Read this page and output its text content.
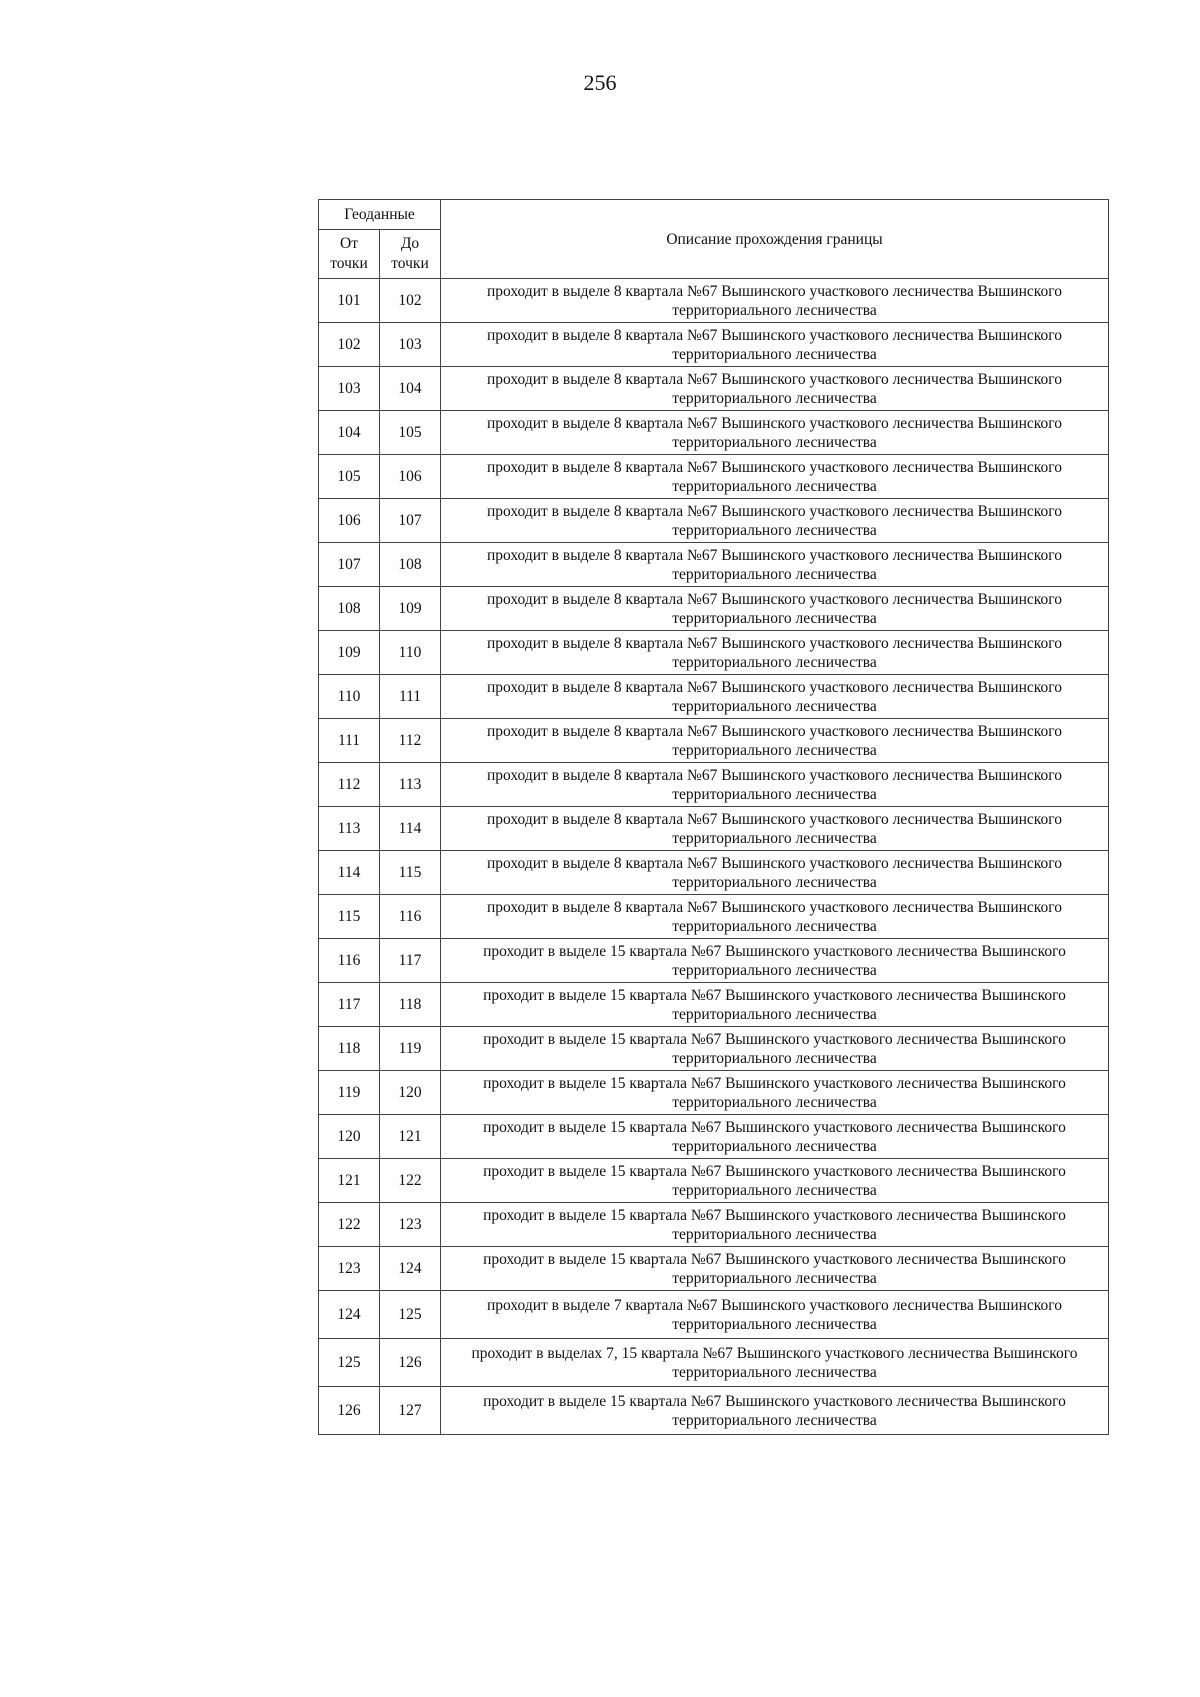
256
Геоданные		Описание прохождения границы
От точки	До точки	
101	102	проходит в выделе 8 квартала №67 Вышинского участкового лесничества Вышинского территориального лесничества
102	103	проходит в выделе 8 квартала №67 Вышинского участкового лесничества Вышинского территориального лесничества
103	104	проходит в выделе 8 квартала №67 Вышинского участкового лесничества Вышинского территориального лесничества
104	105	проходит в выделе 8 квартала №67 Вышинского участкового лесничества Вышинского территориального лесничества
105	106	проходит в выделе 8 квартала №67 Вышинского участкового лесничества Вышинского территориального лесничества
106	107	проходит в выделе 8 квартала №67 Вышинского участкового лесничества Вышинского территориального лесничества
107	108	проходит в выделе 8 квартала №67 Вышинского участкового лесничества Вышинского территориального лесничества
108	109	проходит в выделе 8 квартала №67 Вышинского участкового лесничества Вышинского территориального лесничества
109	110	проходит в выделе 8 квартала №67 Вышинского участкового лесничества Вышинского территориального лесничества
110	111	проходит в выделе 8 квартала №67 Вышинского участкового лесничества Вышинского территориального лесничества
111	112	проходит в выделе 8 квартала №67 Вышинского участкового лесничества Вышинского территориального лесничества
112	113	проходит в выделе 8 квартала №67 Вышинского участкового лесничества Вышинского территориального лесничества
113	114	проходит в выделе 8 квартала №67 Вышинского участкового лесничества Вышинского территориального лесничества
114	115	проходит в выделе 8 квартала №67 Вышинского участкового лесничества Вышинского территориального лесничества
115	116	проходит в выделе 8 квартала №67 Вышинского участкового лесничества Вышинского территориального лесничества
116	117	проходит в выделе 15 квартала №67 Вышинского участкового лесничества Вышинского территориального лесничества
117	118	проходит в выделе 15 квартала №67 Вышинского участкового лесничества Вышинского территориального лесничества
118	119	проходит в выделе 15 квартала №67 Вышинского участкового лесничества Вышинского территориального лесничества
119	120	проходит в выделе 15 квартала №67 Вышинского участкового лесничества Вышинского территориального лесничества
120	121	проходит в выделе 15 квартала №67 Вышинского участкового лесничества Вышинского территориального лесничества
121	122	проходит в выделе 15 квартала №67 Вышинского участкового лесничества Вышинского территориального лесничества
122	123	проходит в выделе 15 квартала №67 Вышинского участкового лесничества Вышинского территориального лесничества
123	124	проходит в выделе 15 квартала №67 Вышинского участкового лесничества Вышинского территориального лесничества
124	125	проходит в выделе 7 квартала №67 Вышинского участкового лесничества Вышинского территориального лесничества
125	126	проходит в выделах 7, 15 квартала №67 Вышинского участкового лесничества Вышинского территориального лесничества
126	127	проходит в выделе 15 квартала №67 Вышинского участкового лесничества Вышинского территориального лесничества
